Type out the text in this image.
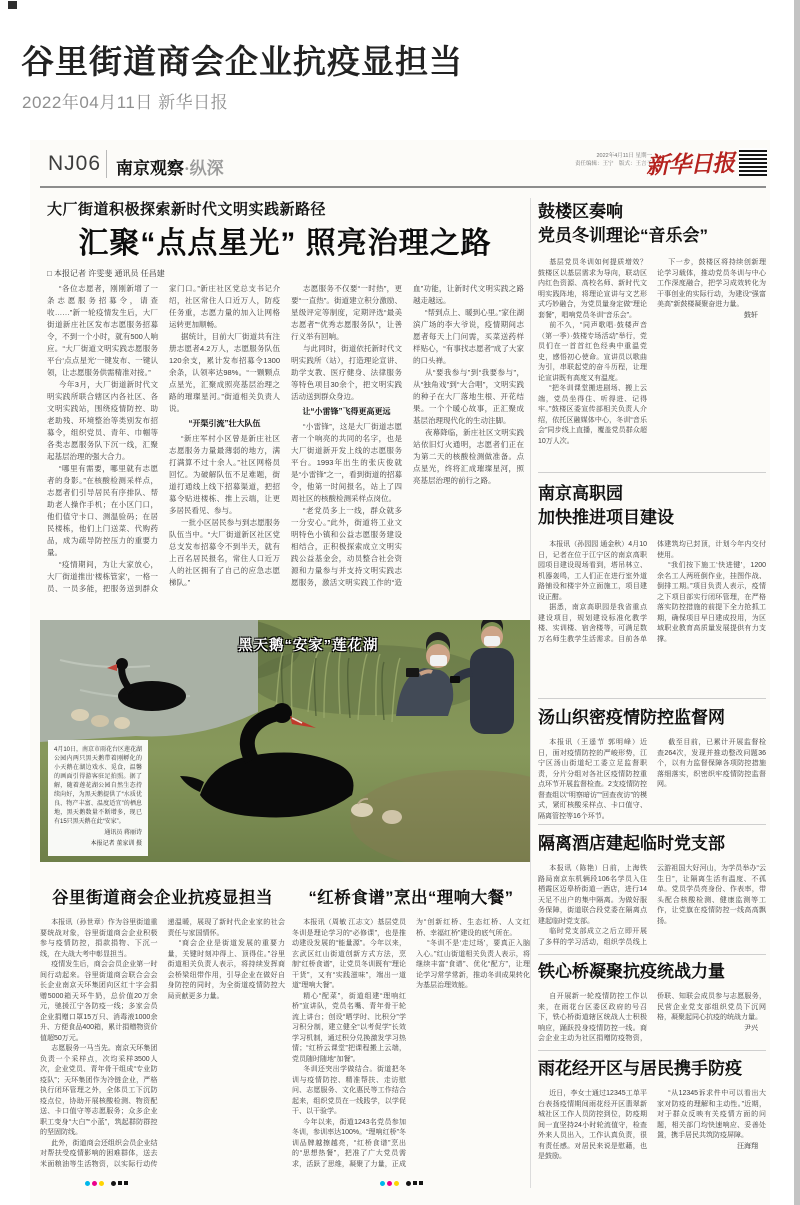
谷里街道商会企业抗疫显担当
2022年04月11日 新华日报
NJ06 南京观察·纵深
2022年4月11日 星期一
责任编辑：王宁　版式：王言予
新华日报
大厂街道积极探索新时代文明实践新路径
汇聚“点点星光” 照亮治理之路
□ 本报记者 许雯斐 通讯员 任昌建

“各位志愿者，刚刚新增了一条志愿服务招募令，请查收……”新一轮疫情发生后，大厂街道新庄社区发布志愿服务招募令，不到一个小时，就有500人响应。“大厂街道文明实践志愿服务平台‘点点星光’一键发布、一键认领，让志愿服务供需精准对接。”

今年3月，大厂街道新时代文明实践所联合辖区内各社区、各文明实践站，围绕疫情防控、助老助残、环境整治等类别发布招募令，组织党员、青年、巾帼等各类志愿服务队下沉一线，汇聚起基层治理的强大合力。

“哪里有需要，哪里就有志愿者的身影。”在核酸检测采样点，志愿者们引导居民有序排队、帮助老人操作手机；在小区门口，他们值守卡口、测温验码；在居民楼栋，他们上门送菜、代购药品，成为疏导防控压力的重要力量。

“疫情期间，为让大家放心，大厂街道推出‘楼栋管家’，一格一员、一员多能，把服务送到群众家门口。”新庄社区党总支书记介绍，社区常住人口近万人，防疫任务重，志愿力量的加入让网格运转更加顺畅。

据统计，目前大厂街道共有注册志愿者4.2万人，志愿服务队伍120余支，累计发布招募令1300余条，认领率达98%。“一颗颗点点星光，汇聚成照亮基层治理之路的璀璨星河。”街道相关负责人说。

“开渠引流”壮大队伍

“新庄军村小区曾是新庄社区志愿服务力量最薄弱的地方，满打满算不过十余人。”社区网格员回忆。为破解队伍不足难题，街道打通线上线下招募渠道，把招募令贴进楼栋、推上云端，让更多居民看见、参与。

一批小区居民参与到志愿服务队伍当中。“大厂街道新区社区党总支发布招募令不到半天，就有上百名居民报名，常住人口近万人的社区拥有了自己的应急志愿梯队。”

志愿服务不仅要“一时热”，更要“一直热”。街道建立积分激励、星级评定等制度，定期评选“最美志愿者”“优秀志愿服务队”，让善行义举有回响。

与此同时，街道依托新时代文明实践所（站），打造理论宣讲、助学支教、医疗健身、法律服务等特色项目30余个，把文明实践活动送到群众身边。

让“小雷锋”飞得更高更远

“小雷锋”，这是大厂街道志愿者一个响亮的共同的名字，也是大厂街道新开发上线的志愿服务平台。1993年出生的张庆俊就是“小雷锋”之一，看到街道的招募令，他第一时间报名，站上了四周社区的核酸检测采样点岗位。

“老党员多上一线，群众就多一分安心。”此外，街道将工业文明特色小镇和公益志愿服务建设相结合，正积极探索成立文明实践公益基金会，动员整合社会资源和力量参与并支持文明实践志愿服务，激活文明实践工作的“造血”功能，让新时代文明实践之路越走越远。

“帮到点上、暖到心里。”家住湖滨广场的李大爷说，疫情期间志愿者每天上门问需，买菜送药样样贴心，“有事找志愿者”成了大家的口头禅。

从“要我参与”到“我要参与”，从“独角戏”到“大合唱”，文明实践的种子在大厂落地生根、开花结果。一个个暖心故事，正汇聚成基层治理现代化的生动注脚。

夜幕降临，新庄社区文明实践站依旧灯火通明，志愿者们正在为第二天的核酸检测做准备。点点星光，终将汇成璀璨星河，照亮基层治理的前行之路。

黑天鹅“安家”莲花湖
4月10日，南京市雨花台区莲花湖公园内两只黑天鹅带着刚孵化的小天鹅在湖边戏水、觅食，温馨的画面引得游客驻足拍照。据了解，随着莲花湖公园自然生态持续向好，为黑天鹅提供了“水质优良、物产丰富、温度适宜”的栖息地，黑天鹅数量不断增多，现已有15只黑天鹅在此“安家”。
通讯员 蒋丽诗
本报记者 董家训 摄
谷里街道商会企业抗疫显担当

本报讯（孙世章）作为谷里街道重要统战对象，谷里街道商会企业积极参与疫情防控，捐款捐物、下沉一线，在大战大考中彰显担当。

疫情发生后，商会会员企业第一时间行动起来。谷里街道商会联合会会长企业南京天环集团向区红十字会捐赠5000箱天环牛奶，总价值20万余元，驰援江宁各防疫一线；多家会员企业捐赠口罩15万只、消毒液1000余升、方便食品400箱，累计捐赠物资价值超50万元。

志愿服务一马当先。南京天环集团负责一个采样点，次均采样3500人次，企业党员、青年骨干组成“专业防疫队”；天环集团作为冷链企业，严格执行闭环管理之外，全体员工下沉防疫点位，协助开展核酸检测、物资配送、卡口值守等志愿服务；众多企业职工变身“大白”“小蓝”，筑起群防群控的坚固防线。

此外，街道商会还组织会员企业结对帮扶受疫情影响的困难群体，送去米面粮油等生活物资，以实际行动传递温暖，展现了新时代企业家的社会责任与家国情怀。

“商会企业是街道发展的重要力量，关键时刻冲得上、顶得住。”谷里街道相关负责人表示，将持续发挥商会桥梁纽带作用，引导企业在做好自身防控的同时，为全街道疫情防控大局贡献更多力量。

“红桥食谱”烹出“理响大餐”

本报讯（周敏 江志文）基层党员冬训是理论学习的“必修课”，也是推动建设发展的“能量源”。今年以来，玄武区红山街道创新方式方法，烹制“红桥食谱”，让党员冬训既有“理论干货”，又有“实践滋味”，端出一道道“理响大餐”。

精心“配菜”，街道组建“理响红桥”宣讲队，党员名嘴、青年骨干轮流上讲台；创设“晒学时、比积分”学习积分制，建立健全“以考促学”长效学习机制，通过积分兑换激发学习热情；“红桥云课堂”把课程搬上云端，党员随时随地“加餐”。

冬训还突出学做结合。街道把冬训与疫情防控、精准帮扶、走访慰问、志愿服务、文化惠民等工作结合起来，组织党员在一线践学，以学促干、以干验学。

今年以来，街道1243名党员参加冬训，参训率达100%。“理响红桥”冬训品牌越擦越亮，“红桥食谱”烹出的“思想热餐”，把准了广大党员需求，活跃了思维，凝聚了力量，正成为“创新红桥、生态红桥、人文红桥、幸福红桥”建设的底气所在。

“冬训不是‘走过场’，要真正入脑入心。”红山街道相关负责人表示，将继续丰富“食谱”、优化“配方”，让理论学习常学常新，推动冬训成果转化为基层治理效能。

鼓楼区奏响
党员冬训理论“音乐会”

基层党员冬训如何提质增效？鼓楼区以基层需求为导向，联动区内红色资源、高校名师、新时代文明实践阵地，将理论宣讲与文艺形式巧妙融合，为党员量身定做“理论套餐”，唱响党员冬训“音乐会”。

前不久，“同声歌唱·鼓楼声音（第一季）·鼓楼专场活动”举行，党员们在一首首红色经典中重温党史，感悟初心使命。宣讲员以歌曲为引，串联起党的奋斗历程，让理论宣讲既有高度又有温度。

“把冬训课堂搬进剧场、搬上云端，党员坐得住、听得进、记得牢。”鼓楼区委宣传部相关负责人介绍，依托区融媒体中心，冬训“音乐会”同步线上直播，覆盖党员群众超10万人次。

下一步，鼓楼区将持续创新理论学习载体，推动党员冬训与中心工作深度融合，把学习成效转化为干事创业的实际行动，为建设“强富美高”新鼓楼凝聚奋进力量。

鼓轩

南京高职园
加快推进项目建设

本报讯（孙园园 通金秋）4月10日，记者在位于江宁区的南京高职园项目建设现场看到，塔吊林立、机器轰鸣，工人们正在进行室外道路铺设和楼宇外立面施工，项目建设正酣。

据悉，南京高职园是我省重点建设项目，规划建设标准化教学楼、实训楼、宿舍楼等，可满足数万名师生教学生活需求。目前各单体建筑均已封顶，计划今年内交付使用。

“我们按下施工‘快进键’，1200余名工人两班倒作业，挂图作战、倒排工期。”项目负责人表示，疫情之下项目部实行闭环管理，在严格落实防控措施的前提下全力抢抓工期，确保项目早日建成投用，为区域职业教育高质量发展提供有力支撑。

汤山织密疫情防控监督网

本报讯（王遥节 郭明峰）近日，面对疫情防控的严峻形势，江宁区汤山街道纪工委立足监督职责，分片分组对各社区疫情防控重点环节开展监督检查。2支疫情防控督查组以“明察暗访”“回查夜访”的模式，紧盯核酸采样点、卡口值守、隔离管控等16个环节。

截至目前，已累计开展监督检查264次，发现并推动整改问题36个，以有力监督保障各项防控措施落细落实，织密织牢疫情防控监督网。

隔离酒店建起临时党支部

本报讯（陈艳）日前，上海铁路局南京东机辆段106名学员入住栖霞区迈皋桥街道一酒店，进行14天足不出户的集中隔离。为做好服务保障，街道联合段党委在隔离点建起临时党支部。

临时党支部成立之后立即开展了多样的学习活动，组织学员线上云游祖国大好河山，为学员举办“云生日”，让隔离生活有温度、不孤单。党员学员亮身份、作表率，带头配合核酸检测、健康监测等工作，让党旗在疫情防控一线高高飘扬。

铁心桥凝聚抗疫统战力量

自开展新一轮疫情防控工作以来，在雨花台区委区政府的号召下，铁心桥街道辖区统战人士积极响应，踊跃投身疫情防控一线。商会企业主动为社区捐赠防疫物资，侨联、知联会成员参与志愿服务，民营企业党支部组织党员下沉网格，凝聚起同心抗疫的统战力量。

尹兴

雨花经开区与居民携手防疫

近日，李女士通过12345工单平台表扬疫情期间雨花经开区翡翠新城社区工作人员防控到位，防疫期间一直坚持24小时轮流值守，检查外来人员出入，工作认真负责，很有责任感。对居民来说是慰藉，也是鼓励。

“从12345诉求件中可以看出大家对防疫的理解和主动性。”近期，对于群众反映有关疫情方面的问题，相关部门均快速响应、妥善处置，携手居民共筑防疫屏障。

汪海翔
